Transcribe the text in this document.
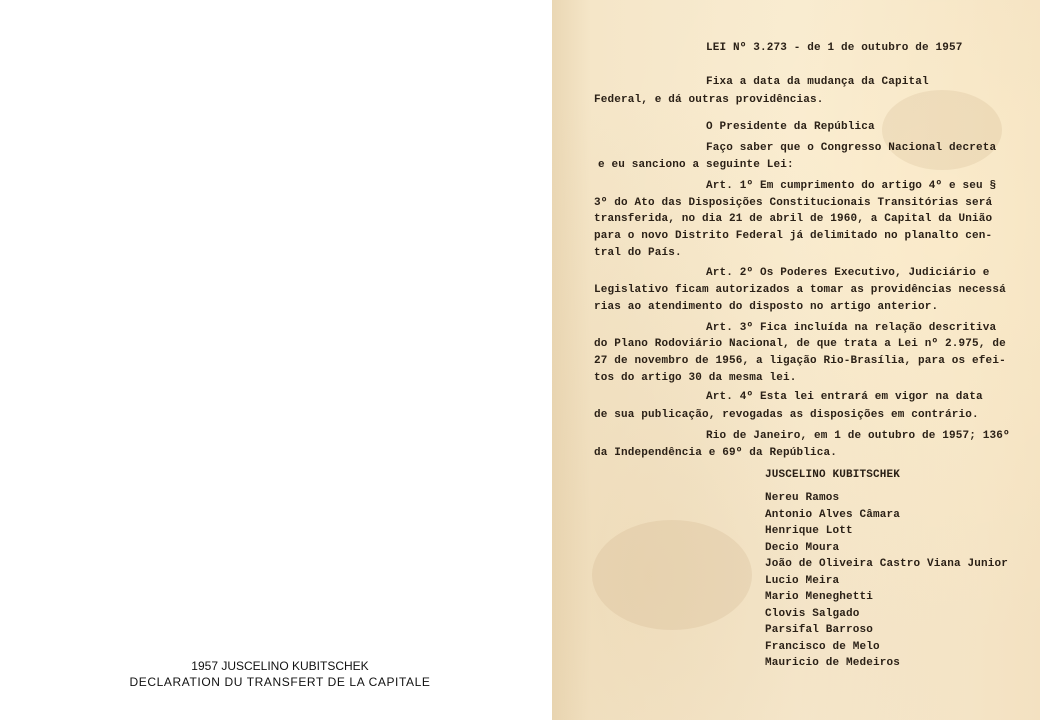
1957 JUSCELINO KUBITSCHEK
DECLARATION DU TRANSFERT DE LA CAPITALE
LEI Nº 3.273 - de 1 de outubro de 1957
Fixa a data da mudança da Capital
Federal, e dá outras providências.
O Presidente da República
Faço saber que o Congresso Nacional decreta
e eu sanciono a seguinte Lei:
Art. 1º Em cumprimento do artigo 4º e seu §
3º do Ato das Disposições Constitucionais Transitórias será
transferida, no dia 21 de abril de 1960, a Capital da União
para o novo Distrito Federal já delimitado no planalto cen-
tral do País.
Art. 2º Os Poderes Executivo, Judiciário e
Legislativo ficam autorizados a tomar as providências necessá
rias ao atendimento do disposto no artigo anterior.
Art. 3º Fica incluída na relação descritiva
do Plano Rodoviário Nacional, de que trata a Lei nº 2.975, de
27 de novembro de 1956, a ligação Rio-Brasília, para os efei-
tos do artigo 30 da mesma lei.
Art. 4º Esta lei entrará em vigor na data
de sua publicação, revogadas as disposições em contrário.
Rio de Janeiro, em 1 de outubro de 1957; 136º
da Independência e 69º da República.
JUSCELINO KUBITSCHEK
Nereu Ramos
Antonio Alves Câmara
Henrique Lott
Decio Moura
João de Oliveira Castro Viana Junior
Lucio Meira
Mario Meneghetti
Clovis Salgado
Parsifal Barroso
Francisco de Melo
Mauricio de Medeiros
